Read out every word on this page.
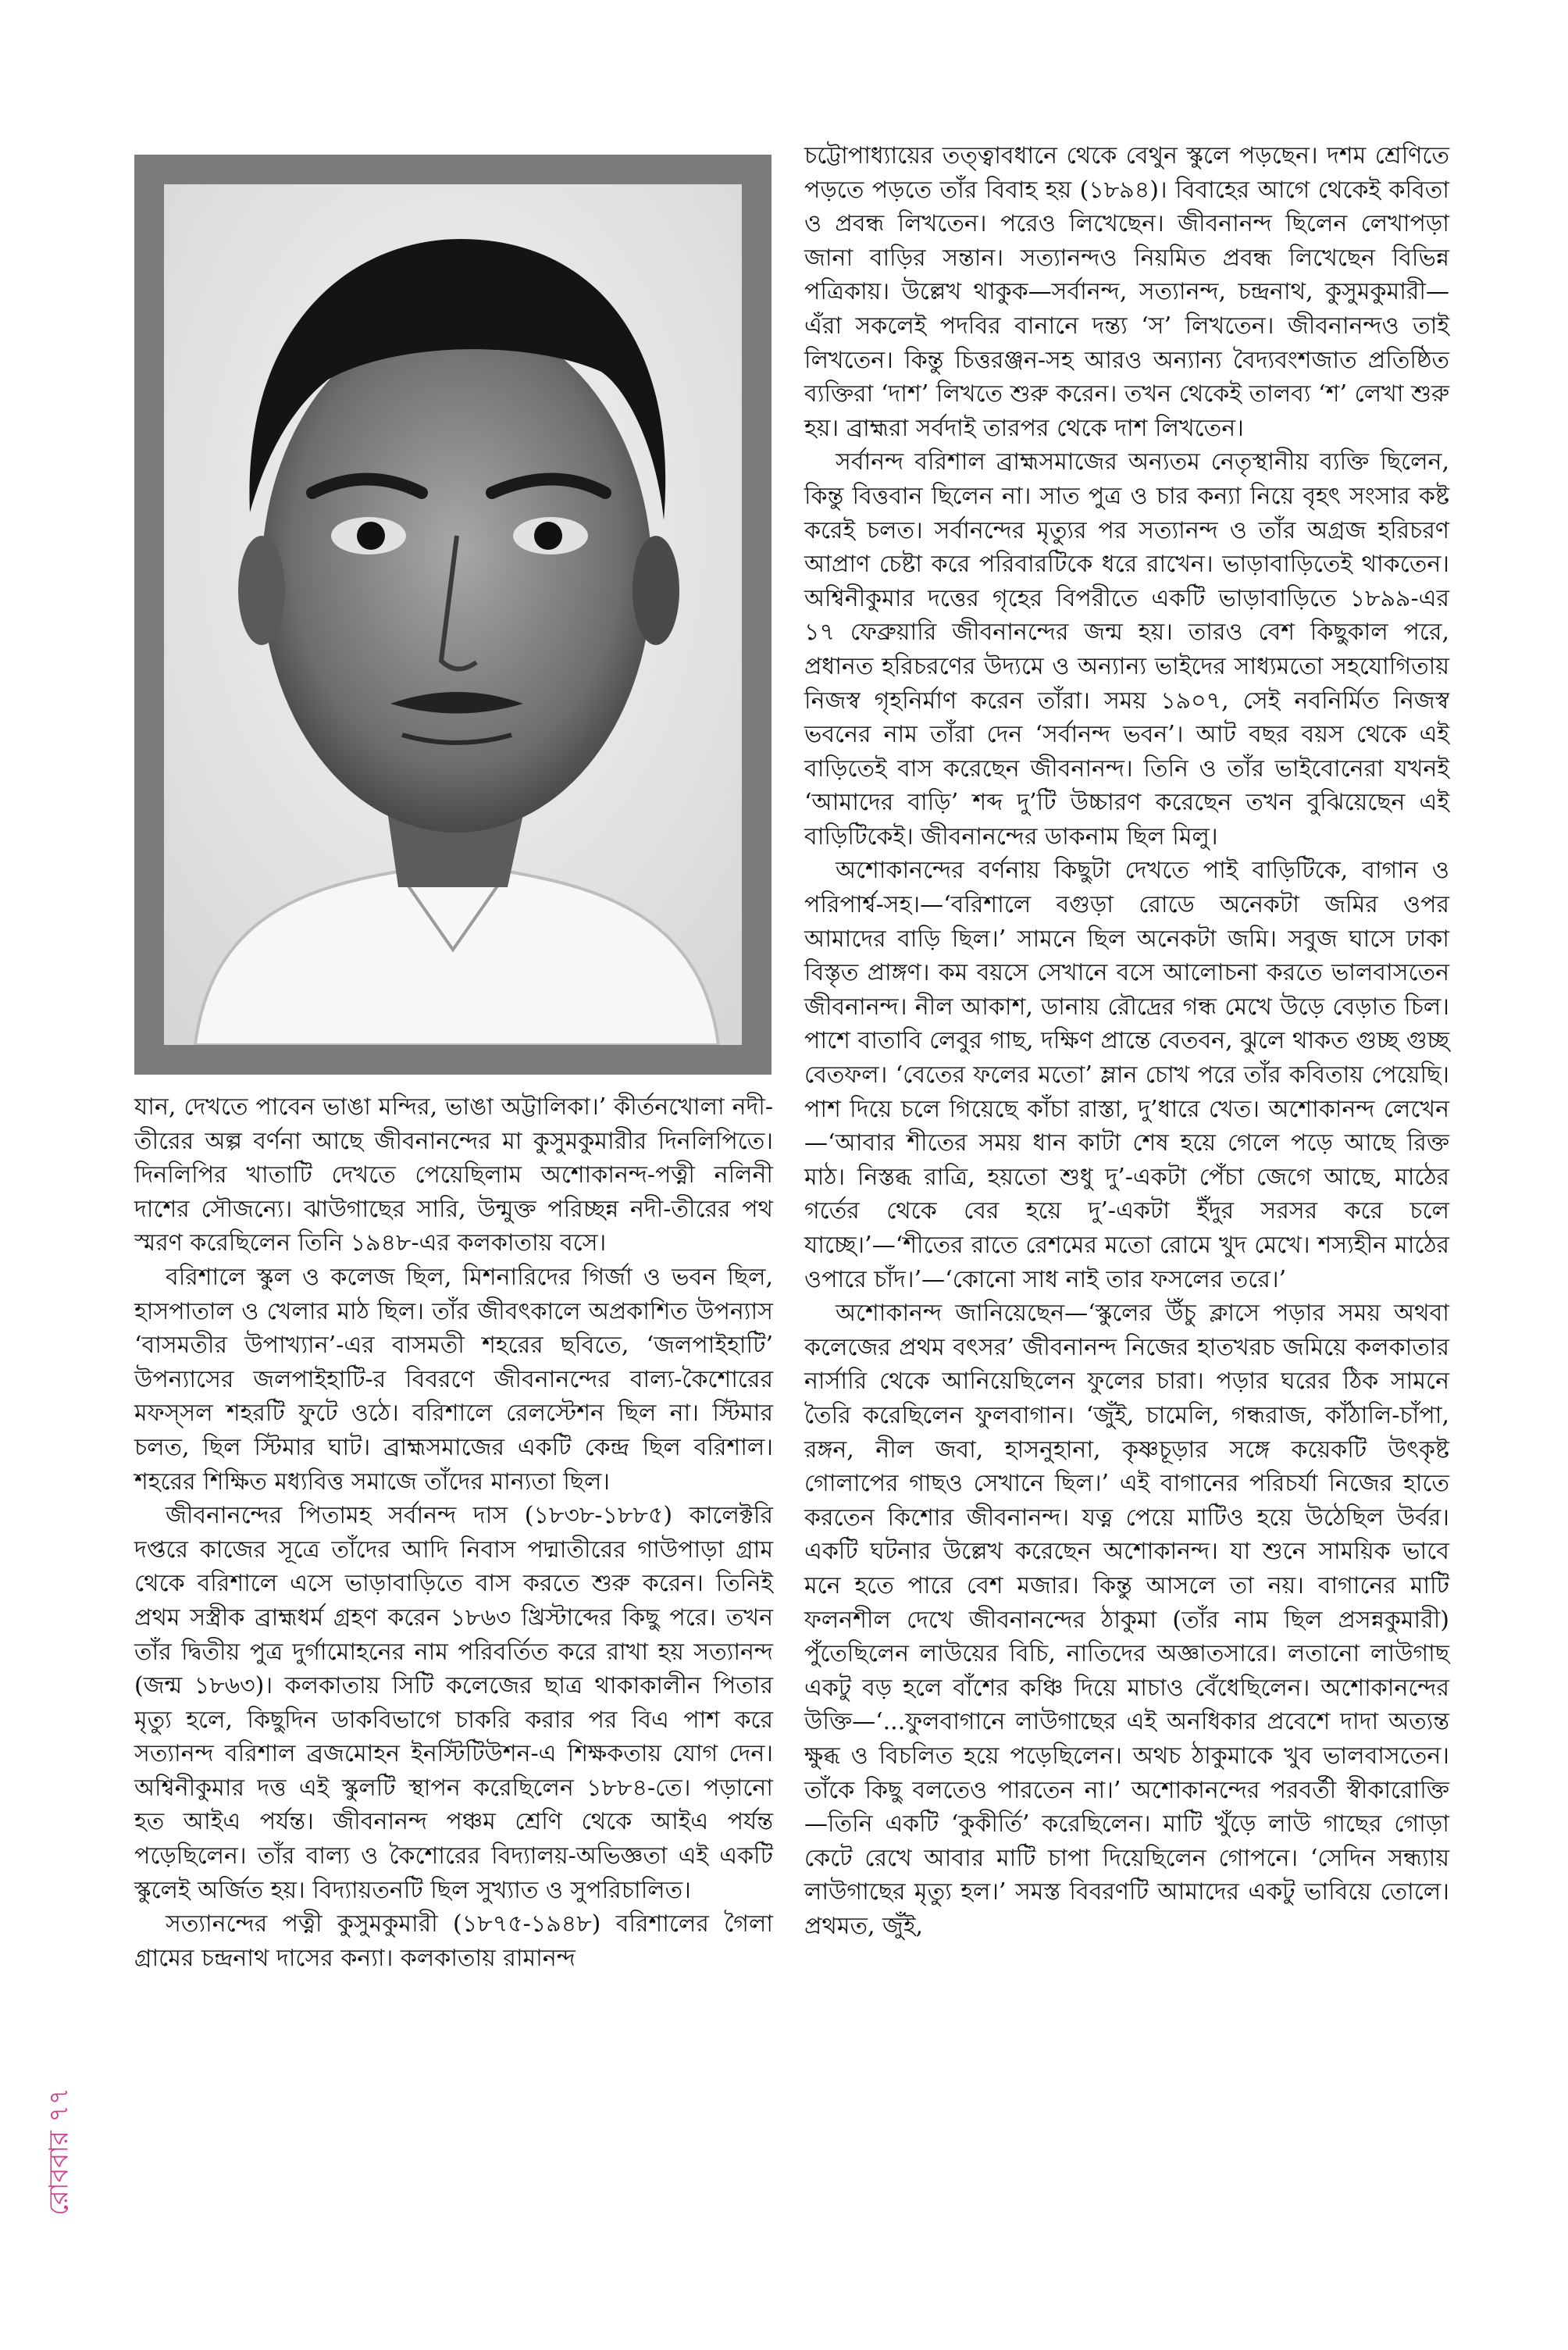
যান, দেখতে পাবেন ভাঙা মন্দির, ভাঙা অট্টালিকা।’ কীর্তনখোলা নদী-তীরের অল্প বর্ণনা আছে জীবনানন্দের মা কুসুমকুমারীর দিনলিপিতে। দিনলিপির খাতাটি দেখতে পেয়েছিলাম অশোকানন্দ-পত্নী নলিনী দাশের সৌজন্যে। ঝাউগাছের সারি, উন্মুক্ত পরিচ্ছন্ন নদী-তীরের পথ স্মরণ করেছিলেন তিনি ১৯৪৮-এর কলকাতায় বসে।

বরিশালে স্কুল ও কলেজ ছিল, মিশনারিদের গির্জা ও ভবন ছিল, হাসপাতাল ও খেলার মাঠ ছিল। তাঁর জীবৎকালে অপ্রকাশিত উপন্যাস ‘বাসমতীর উপাখ্যান’-এর বাসমতী শহরের ছবিতে, ‘জলপাইহাটি’ উপন্যাসের জলপাইহাটি-র বিবরণে জীবনানন্দের বাল্য-কৈশোরের মফস্সল শহরটি ফুটে ওঠে। বরিশালে রেলস্টেশন ছিল না। স্টিমার চলত, ছিল স্টিমার ঘাট। ব্রাহ্মসমাজের একটি কেন্দ্র ছিল বরিশাল। শহরের শিক্ষিত মধ্যবিত্ত সমাজে তাঁদের মান্যতা ছিল।

জীবনানন্দের পিতামহ সর্বানন্দ দাস (১৮৩৮-১৮৮৫) কালেক্টরি দপ্তরে কাজের সূত্রে তাঁদের আদি নিবাস পদ্মাতীরের গাউপাড়া গ্রাম থেকে বরিশালে এসে ভাড়াবাড়িতে বাস করতে শুরু করেন। তিনিই প্রথম সস্ত্রীক ব্রাহ্মধর্ম গ্রহণ করেন ১৮৬৩ খ্রিস্টাব্দের কিছু পরে। তখন তাঁর দ্বিতীয় পুত্র দুর্গামোহনের নাম পরিবর্তিত করে রাখা হয় সত্যানন্দ (জন্ম ১৮৬৩)। কলকাতায় সিটি কলেজের ছাত্র থাকাকালীন পিতার মৃত্যু হলে, কিছুদিন ডাকবিভাগে চাকরি করার পর বিএ পাশ করে সত্যানন্দ বরিশাল ব্রজমোহন ইনস্টিটিউশন-এ শিক্ষকতায় যোগ দেন। অশ্বিনীকুমার দত্ত এই স্কুলটি স্থাপন করেছিলেন ১৮৮৪-তে। পড়ানো হত আইএ পর্যন্ত। জীবনানন্দ পঞ্চম শ্রেণি থেকে আইএ পর্যন্ত পড়েছিলেন। তাঁর বাল্য ও কৈশোরের বিদ্যালয়-অভিজ্ঞতা এই একটি স্কুলেই অর্জিত হয়। বিদ্যায়তনটি ছিল সুখ্যাত ও সুপরিচালিত।

সত্যানন্দের পত্নী কুসুমকুমারী (১৮৭৫-১৯৪৮) বরিশালের গৈলা গ্রামের চন্দ্রনাথ দাসের কন্যা। কলকাতায় রামানন্দ

চট্টোপাধ্যায়ের তত্ত্বাবধানে থেকে বেথুন স্কুলে পড়ছেন। দশম শ্রেণিতে পড়তে পড়তে তাঁর বিবাহ হয় (১৮৯৪)। বিবাহের আগে থেকেই কবিতা ও প্রবন্ধ লিখতেন। পরেও লিখেছেন। জীবনানন্দ ছিলেন লেখাপড়া জানা বাড়ির সন্তান। সত্যানন্দও নিয়মিত প্রবন্ধ লিখেছেন বিভিন্ন পত্রিকায়। উল্লেখ থাকুক—সর্বানন্দ, সত্যানন্দ, চন্দ্রনাথ, কুসুমকুমারী—এঁরা সকলেই পদবির বানানে দন্ত্য ‘স’ লিখতেন। জীবনানন্দও তাই লিখতেন। কিন্তু চিত্তরঞ্জন-সহ আরও অন্যান্য বৈদ্যবংশজাত প্রতিষ্ঠিত ব্যক্তিরা ‘দাশ’ লিখতে শুরু করেন। তখন থেকেই তালব্য ‘শ’ লেখা শুরু হয়। ব্রাহ্মরা সর্বদাই তারপর থেকে দাশ লিখতেন।

সর্বানন্দ বরিশাল ব্রাহ্মসমাজের অন্যতম নেতৃস্থানীয় ব্যক্তি ছিলেন, কিন্তু বিত্তবান ছিলেন না। সাত পুত্র ও চার কন্যা নিয়ে বৃহৎ সংসার কষ্ট করেই চলত। সর্বানন্দের মৃত্যুর পর সত্যানন্দ ও তাঁর অগ্রজ হরিচরণ আপ্রাণ চেষ্টা করে পরিবারটিকে ধরে রাখেন। ভাড়াবাড়িতেই থাকতেন। অশ্বিনীকুমার দত্তের গৃহের বিপরীতে একটি ভাড়াবাড়িতে ১৮৯৯-এর ১৭ ফেব্রুয়ারি জীবনানন্দের জন্ম হয়। তারও বেশ কিছুকাল পরে, প্রধানত হরিচরণের উদ্যমে ও অন্যান্য ভাইদের সাধ্যমতো সহযোগিতায় নিজস্ব গৃহনির্মাণ করেন তাঁরা। সময় ১৯০৭, সেই নবনির্মিত নিজস্ব ভবনের নাম তাঁরা দেন ‘সর্বানন্দ ভবন’। আট বছর বয়স থেকে এই বাড়িতেই বাস করেছেন জীবনানন্দ। তিনি ও তাঁর ভাইবোনেরা যখনই ‘আমাদের বাড়ি’ শব্দ দু’টি উচ্চারণ করেছেন তখন বুঝিয়েছেন এই বাড়িটিকেই। জীবনানন্দের ডাকনাম ছিল মিলু।

অশোকানন্দের বর্ণনায় কিছুটা দেখতে পাই বাড়িটিকে, বাগান ও পরিপার্শ্ব-সহ।—‘বরিশালে বগুড়া রোডে অনেকটা জমির ওপর আমাদের বাড়ি ছিল।’ সামনে ছিল অনেকটা জমি। সবুজ ঘাসে ঢাকা বিস্তৃত প্রাঙ্গণ। কম বয়সে সেখানে বসে আলোচনা করতে ভালবাসতেন জীবনানন্দ। নীল আকাশ, ডানায় রৌদ্রের গন্ধ মেখে উড়ে বেড়াত চিল। পাশে বাতাবি লেবুর গাছ, দক্ষিণ প্রান্তে বেতবন, ঝুলে থাকত গুচ্ছ গুচ্ছ বেতফল। ‘বেতের ফলের মতো’ ম্লান চোখ পরে তাঁর কবিতায় পেয়েছি। পাশ দিয়ে চলে গিয়েছে কাঁচা রাস্তা, দু’ধারে খেত। অশোকানন্দ লেখেন—‘আবার শীতের সময় ধান কাটা শেষ হয়ে গেলে পড়ে আছে রিক্ত মাঠ। নিস্তব্ধ রাত্রি, হয়তো শুধু দু’-একটা পেঁচা জেগে আছে, মাঠের গর্তের থেকে বের হয়ে দু’-একটা ইঁদুর সরসর করে চলে যাচ্ছে।’—‘শীতের রাতে রেশমের মতো রোমে খুদ মেখে। শস্যহীন মাঠের ওপারে চাঁদ।’—‘কোনো সাধ নাই তার ফসলের তরে।’

অশোকানন্দ জানিয়েছেন—‘স্কুলের উঁচু ক্লাসে পড়ার সময় অথবা কলেজের প্রথম বৎসর’ জীবনানন্দ নিজের হাতখরচ জমিয়ে কলকাতার নার্সারি থেকে আনিয়েছিলেন ফুলের চারা। পড়ার ঘরের ঠিক সামনে তৈরি করেছিলেন ফুলবাগান। ‘জুঁই, চামেলি, গন্ধরাজ, কাঁঠালি-চাঁপা, রঙ্গন, নীল জবা, হাসনুহানা, কৃষ্ণচূড়ার সঙ্গে কয়েকটি উৎকৃষ্ট গোলাপের গাছও সেখানে ছিল।’ এই বাগানের পরিচর্যা নিজের হাতে করতেন কিশোর জীবনানন্দ। যত্ন পেয়ে মাটিও হয়ে উঠেছিল উর্বর। একটি ঘটনার উল্লেখ করেছেন অশোকানন্দ। যা শুনে সাময়িক ভাবে মনে হতে পারে বেশ মজার। কিন্তু আসলে তা নয়। বাগানের মাটি ফলনশীল দেখে জীবনানন্দের ঠাকুমা (তাঁর নাম ছিল প্রসন্নকুমারী) পুঁতেছিলেন লাউয়ের বিচি, নাতিদের অজ্ঞাতসারে। লতানো লাউগাছ একটু বড় হলে বাঁশের কঞ্চি দিয়ে মাচাও বেঁধেছিলেন। অশোকানন্দের উক্তি—‘...ফুলবাগানে লাউগাছের এই অনধিকার প্রবেশে দাদা অত্যন্ত ক্ষুব্ধ ও বিচলিত হয়ে পড়েছিলেন। অথচ ঠাকুমাকে খুব ভালবাসতেন। তাঁকে কিছু বলতেও পারতেন না।’ অশোকানন্দের পরবর্তী স্বীকারোক্তি—তিনি একটি ‘কুকীর্তি’ করেছিলেন। মাটি খুঁড়ে লাউ গাছের গোড়া কেটে রেখে আবার মাটি চাপা দিয়েছিলেন গোপনে। ‘সেদিন সন্ধ্যায় লাউগাছের মৃত্যু হল।’ সমস্ত বিবরণটি আমাদের একটু ভাবিয়ে তোলে। প্রথমত, জুঁই,

রোববার ৭৭
